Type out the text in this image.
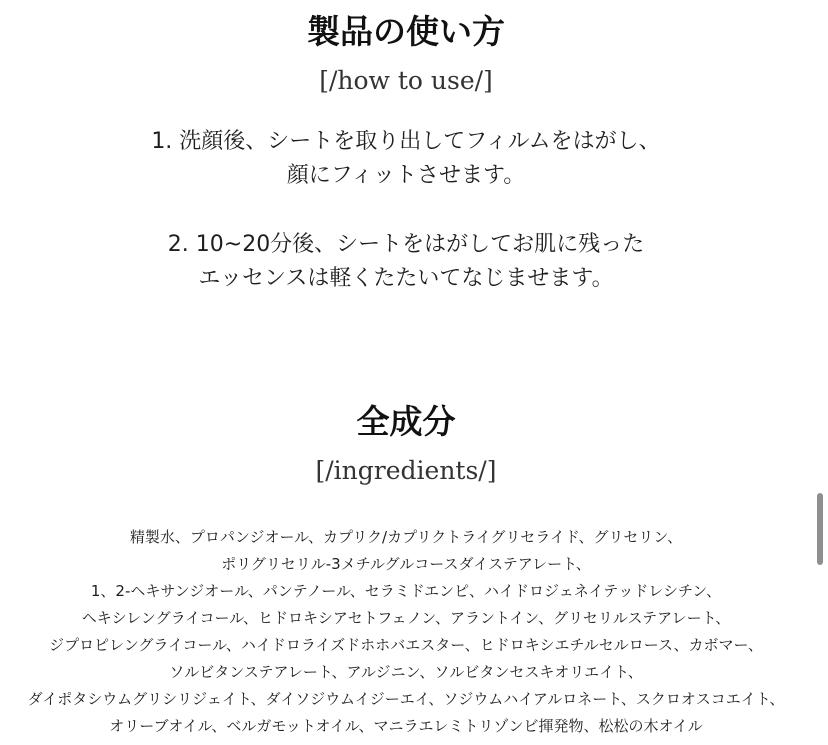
製品の使い方
[/how to use/]
1. 洗顔後、シートを取り出してフィルムをはがし、
顔にフィットさせます。
2. 10~20分後、シートをはがしてお肌に残った
エッセンスは軽くたたいてなじませます。
全成分
[/ingredients/]
精製水、プロパンジオール、カプリク/カプリクトライグリセライド、グリセリン、
ポリグリセリル-3メチルグルコースダイステアレート、
1、2-ヘキサンジオール、パンテノール、セラミドエンピ、ハイドロジェネイテッドレシチン、
ヘキシレングライコール、ヒドロキシアセトフェノン、アラントイン、グリセリルステアレート、
ジプロピレングライコール、ハイドロライズドホホバエスター、ヒドロキシエチルセルロース、カボマー、
ソルビタンステアレート、アルジニン、ソルビタンセスキオリエイト、
ダイポタシウムグリシリジェイト、ダイソジウムイジーエイ、ソジウムハイアルロネート、スクロオスコエイト、
オリーブオイル、ベルガモットオイル、マニラエレミトリゾンビ揮発物、松松の木オイル
